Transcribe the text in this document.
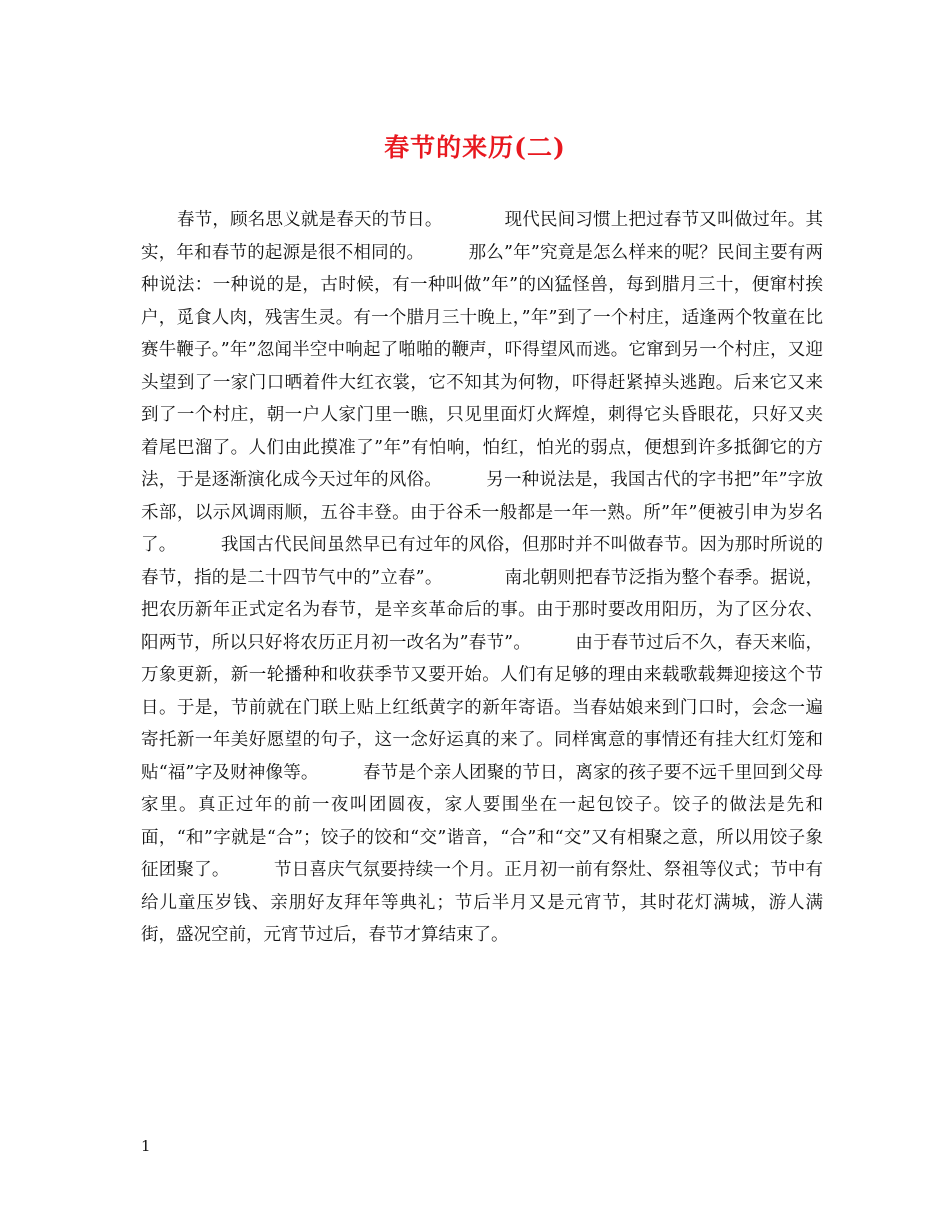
春节的来历(二)

春节，顾名思义就是春天的节日。　　　　现代民间习惯上把过春节又叫做过年。其实，年和春节的起源是很不相同的。　　　那么”年”究竟是怎么样来的呢？民间主要有两种说法：一种说的是，古时候，有一种叫做”年”的凶猛怪兽，每到腊月三十，便窜村挨户，觅食人肉，残害生灵。有一个腊月三十晚上，”年”到了一个村庄，适逢两个牧童在比赛牛鞭子。”年”忽闻半空中响起了啪啪的鞭声，吓得望风而逃。它窜到另一个村庄，又迎头望到了一家门口晒着件大红衣裳，它不知其为何物，吓得赶紧掉头逃跑。后来它又来到了一个村庄，朝一户人家门里一瞧，只见里面灯火辉煌，刺得它头昏眼花，只好又夹着尾巴溜了。人们由此摸准了”年”有怕响，怕红，怕光的弱点，便想到许多抵御它的方法，于是逐渐演化成今天过年的风俗。　　　另一种说法是，我国古代的字书把”年”字放禾部，以示风调雨顺，五谷丰登。由于谷禾一般都是一年一熟。所”年”便被引申为岁名了。　　　我国古代民间虽然早已有过年的风俗，但那时并不叫做春节。因为那时所说的春节，指的是二十四节气中的”立春”。　　　　南北朝则把春节泛指为整个春季。据说，把农历新年正式定名为春节，是辛亥革命后的事。由于那时要改用阳历，为了区分农、阳两节，所以只好将农历正月初一改名为”春节”。　　　由于春节过后不久，春天来临，万象更新，新一轮播种和收获季节又要开始。人们有足够的理由来载歌载舞迎接这个节日。于是，节前就在门联上贴上红纸黄字的新年寄语。当春姑娘来到门口时，会念一遍寄托新一年美好愿望的句子，这一念好运真的来了。同样寓意的事情还有挂大红灯笼和贴“福”字及财神像等。　　　春节是个亲人团聚的节日，离家的孩子要不远千里回到父母家里。真正过年的前一夜叫团圆夜，家人要围坐在一起包饺子。饺子的做法是先和面，“和”字就是“合”；饺子的饺和“交”谐音，“合”和“交”又有相聚之意，所以用饺子象征团聚了。　　　节日喜庆气氛要持续一个月。正月初一前有祭灶、祭祖等仪式；节中有给儿童压岁钱、亲朋好友拜年等典礼；节后半月又是元宵节，其时花灯满城，游人满街，盛况空前，元宵节过后，春节才算结束了。

1
